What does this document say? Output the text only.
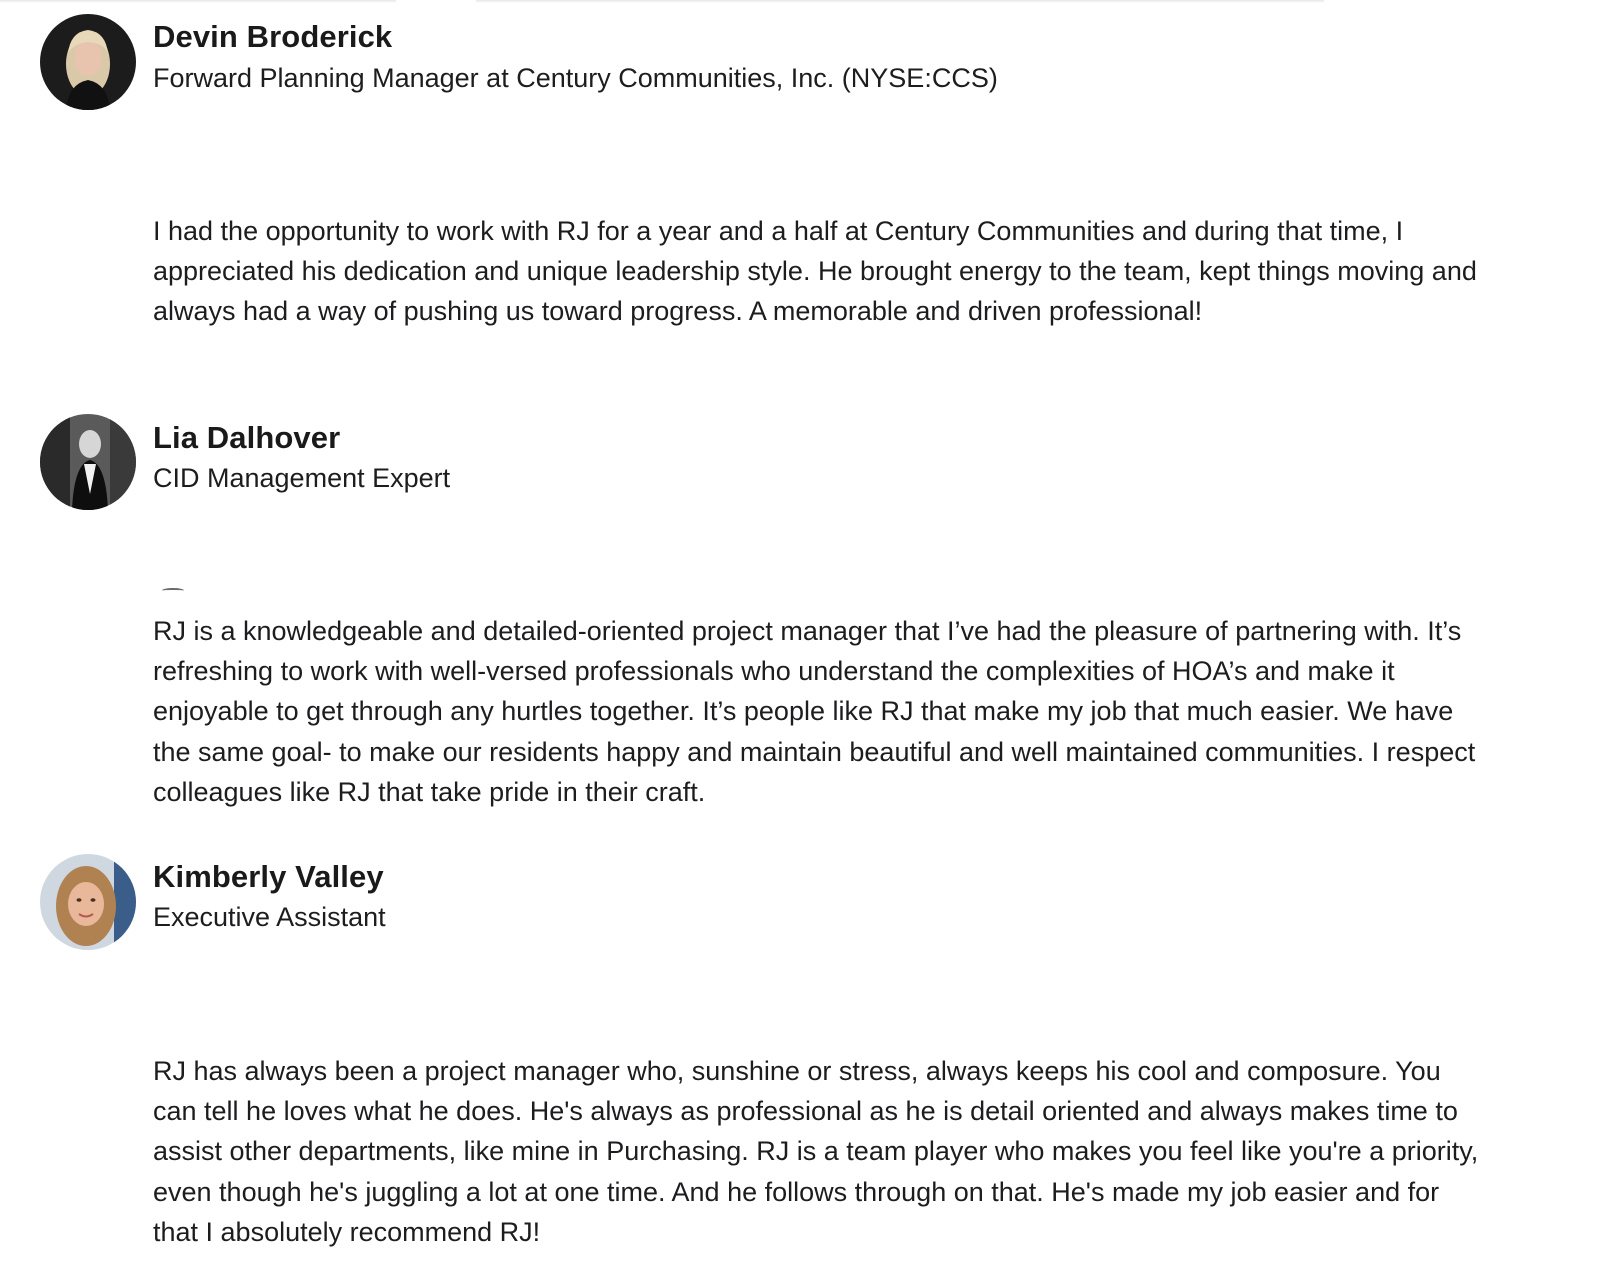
Devin Broderick
Forward Planning Manager at Century Communities, Inc. (NYSE:CCS)

I had the opportunity to work with RJ for a year and a half at Century Communities and during that time, I appreciated his dedication and unique leadership style. He brought energy to the team, kept things moving and always had a way of pushing us toward progress. A memorable and driven professional!

Lia Dalhover
CID Management Expert

RJ is a knowledgeable and detailed-oriented project manager that I’ve had the pleasure of partnering with. It’s refreshing to work with well-versed professionals who understand the complexities of HOA’s and make it enjoyable to get through any hurtles together. It’s people like RJ that make my job that much easier. We have the same goal- to make our residents happy and maintain beautiful and well maintained communities. I respect colleagues like RJ that take pride in their craft.

Kimberly Valley
Executive Assistant

RJ has always been a project manager who, sunshine or stress, always keeps his cool and composure. You can tell he loves what he does. He's always as professional as he is detail oriented and always makes time to assist other departments, like mine in Purchasing. RJ is a team player who makes you feel like you're a priority, even though he's juggling a lot at one time. And he follows through on that. He's made my job easier and for that I absolutely recommend RJ!
